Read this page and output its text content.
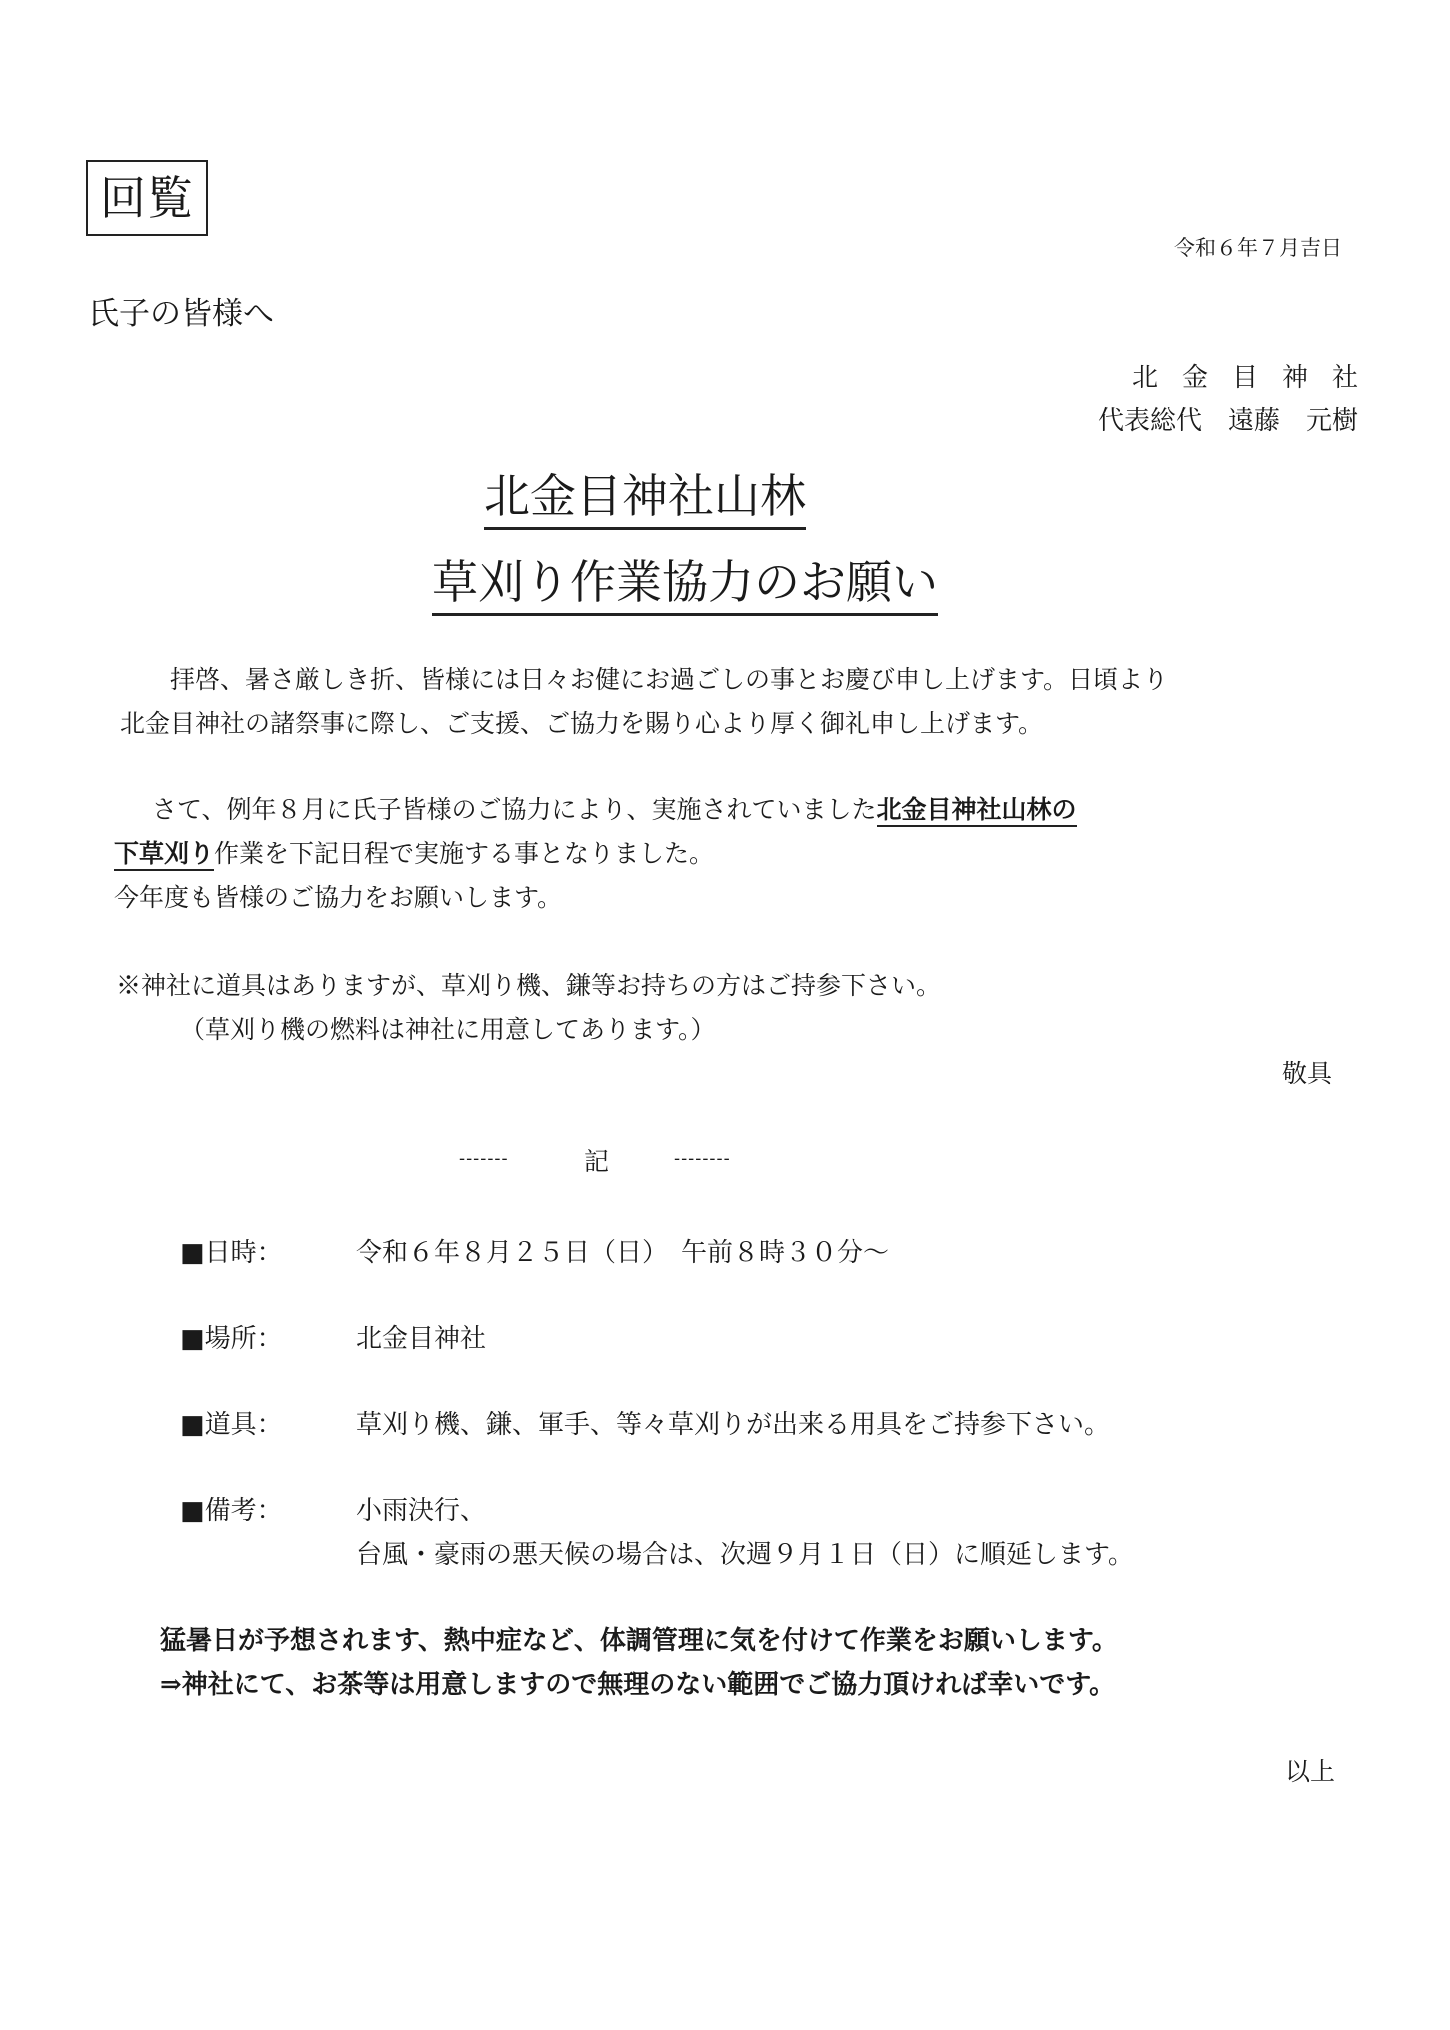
回覧
令和６年７月吉日
氏子の皆様へ
北金目神社
代表総代 遠藤 元樹
北金目神社山林
草刈り作業協力のお願い
拝啓、暑さ厳しき折、皆様には日々お健にお過ごしの事とお慶び申し上げます。日頃より
北金目神社の諸祭事に際し、ご支援、ご協力を賜り心より厚く御礼申し上げます。
さて、例年８月に氏子皆様のご協力により、実施されていました北金目神社山林の
下草刈り作業を下記日程で実施する事となりました。
今年度も皆様のご協力をお願いします。
※神社に道具はありますが、草刈り機、鎌等お持ちの方はご持参下さい。
（草刈り機の燃料は神社に用意してあります。）
敬具
-------	記	--------
■日時：	令和６年８月２５日（日）　午前８時３０分～
■場所：	北金目神社
■道具：	草刈り機、鎌、軍手、等々草刈りが出来る用具をご持参下さい。
■備考：	小雨決行、
台風・豪雨の悪天候の場合は、次週９月１日（日）に順延します。
猛暑日が予想されます、熱中症など、体調管理に気を付けて作業をお願いします。
⇒神社にて、お茶等は用意しますので無理のない範囲でご協力頂ければ幸いです。
以上
